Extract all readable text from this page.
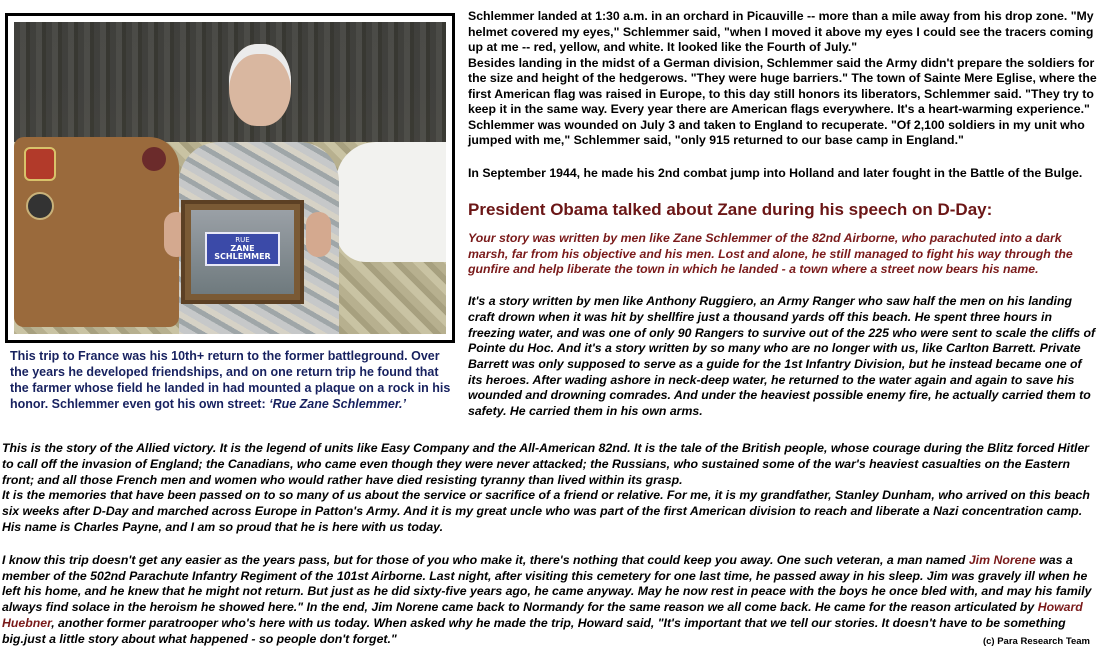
RUE
ZANE SCHLEMMER
This trip to France was his 10th+ return to the former battleground. Over the years he developed friendships, and on one return trip he found that the farmer whose field he landed in had mounted a plaque on a rock in his honor. Schlemmer even got his own street: ‘Rue Zane Schlemmer.’

Schlemmer landed at 1:30 a.m. in an orchard in Picauville -- more than a mile away from his drop zone. "My helmet covered my eyes," Schlemmer said, "when I moved it above my eyes I could see the tracers coming up at me -- red, yellow, and white. It looked like the Fourth of July."
Besides landing in the midst of a German division, Schlemmer said the Army didn't prepare the soldiers for the size and height of the hedgerows. "They were huge barriers." The town of Sainte Mere Eglise, where the first American flag was raised in Europe, to this day still honors its liberators, Schlemmer said. "They try to keep it in the same way. Every year there are American flags everywhere. It's a heart-warming experience." Schlemmer was wounded on July 3 and taken to England to recuperate. "Of 2,100 soldiers in my unit who jumped with me," Schlemmer said, "only 915 returned to our base camp in England."

In September 1944, he made his 2nd combat jump into Holland and later fought in the Battle of the Bulge.

President Obama talked about Zane during his speech on D-Day:

Your story was written by men like Zane Schlemmer of the 82nd Airborne, who parachuted into a dark marsh, far from his objective and his men. Lost and alone, he still managed to fight his way through the gunfire and help liberate the town in which he landed - a town where a street now bears his name.

It's a story written by men like Anthony Ruggiero, an Army Ranger who saw half the men on his landing craft drown when it was hit by shellfire just a thousand yards off this beach. He spent three hours in freezing water, and was one of only 90 Rangers to survive out of the 225 who were sent to scale the cliffs of Pointe du Hoc. And it's a story written by so many who are no longer with us, like Carlton Barrett. Private Barrett was only supposed to serve as a guide for the 1st Infantry Division, but he instead became one of its heroes. After wading ashore in neck-deep water, he returned to the water again and again to save his wounded and drowning comrades. And under the heaviest possible enemy fire, he actually carried them to safety. He carried them in his own arms.

This is the story of the Allied victory. It is the legend of units like Easy Company and the All-American 82nd. It is the tale of the British people, whose courage during the Blitz forced Hitler to call off the invasion of England; the Canadians, who came even though they were never attacked; the Russians, who sustained some of the war's heaviest casualties on the Eastern front; and all those French men and women who would rather have died resisting tyranny than lived within its grasp.
It is the memories that have been passed on to so many of us about the service or sacrifice of a friend or relative. For me, it is my grandfather, Stanley Dunham, who arrived on this beach six weeks after D-Day and marched across Europe in Patton's Army. And it is my great uncle who was part of the first American division to reach and liberate a Nazi concentration camp. His name is Charles Payne, and I am so proud that he is here with us today.

I know this trip doesn't get any easier as the years pass, but for those of you who make it, there's nothing that could keep you away. One such veteran, a man named Jim Norene was a member of the 502nd Parachute Infantry Regiment of the 101st Airborne. Last night, after visiting this cemetery for one last time, he passed away in his sleep. Jim was gravely ill when he left his home, and he knew that he might not return. But just as he did sixty-five years ago, he came anyway. May he now rest in peace with the boys he once bled with, and may his family always find solace in the heroism he showed here." In the end, Jim Norene came back to Normandy for the same reason we all come back. He came for the reason articulated by Howard Huebner, another former paratrooper who's here with us today. When asked why he made the trip, Howard said, "It's important that we tell our stories. It doesn't have to be something big.just a little story about what happened - so people don't forget."	(c) Para Research Team
